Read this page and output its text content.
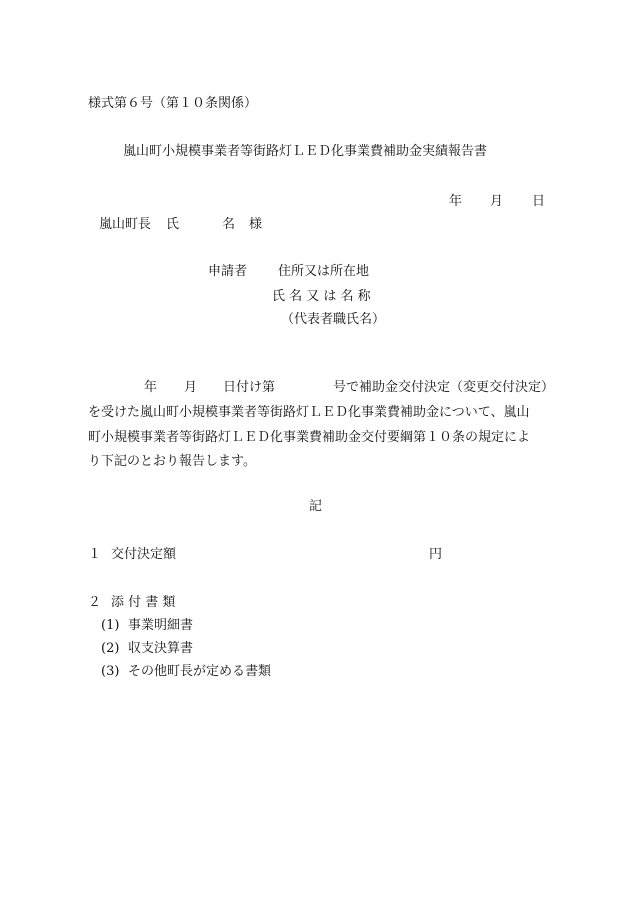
様式第６号（第１０条関係）
嵐山町小規模事業者等街路灯ＬＥＤ化事業費補助金実績報告書
年 月 日
嵐山町長 氏	名 様
申請者 住所又は所在地
氏 名 又 は 名 称
（代表者職氏名）
年 月 日付け第	号で補助金交付決定（変更交付決定）
を受けた嵐山町小規模事業者等街路灯ＬＥＤ化事業費補助金について、嵐山
町小規模事業者等街路灯ＬＥＤ化事業費補助金交付要綱第１０条の規定によ
り下記のとおり報告します。
記
１ 交付決定額	円
２ 添 付 書 類
(1) 事業明細書
(2) 収支決算書
(3) その他町長が定める書類
